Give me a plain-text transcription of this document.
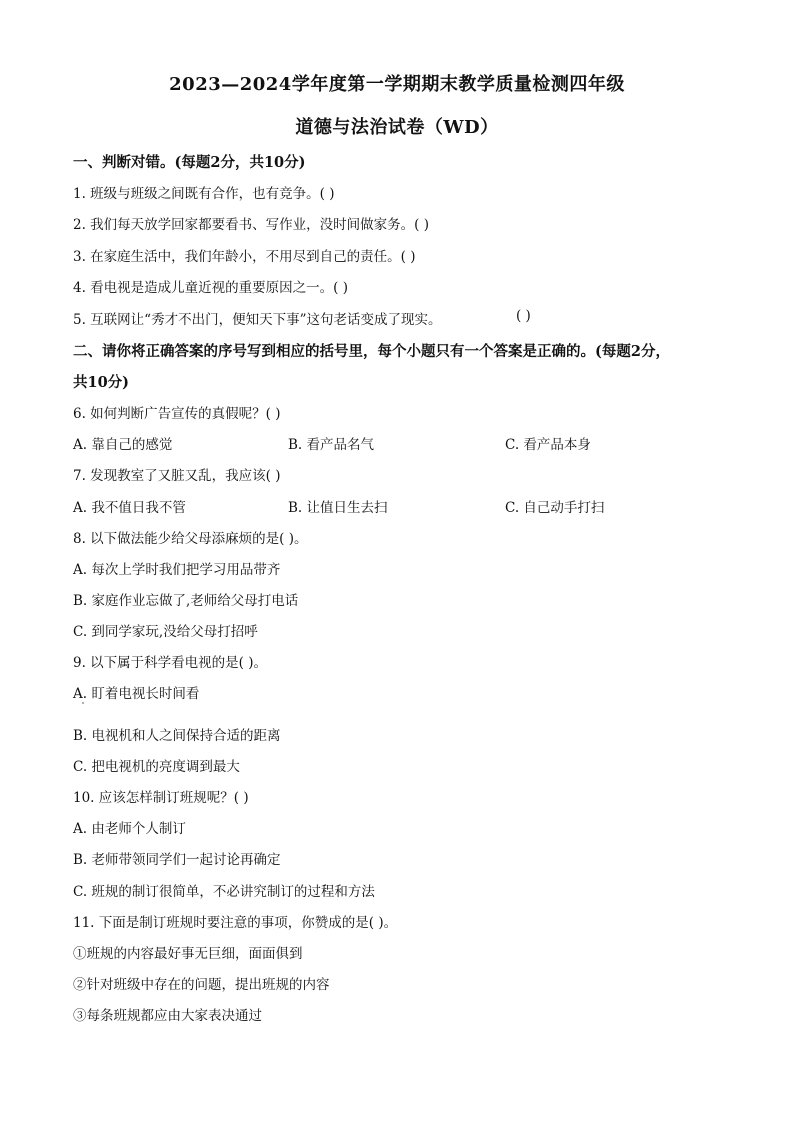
2023—2024学年度第一学期期末教学质量检测四年级
道德与法治试卷（WD）
一、判断对错。(每题2分，共10分)
1. 班级与班级之间既有合作，也有竞争。( )
2. 我们每天放学回家都要看书、写作业，没时间做家务。( )
3. 在家庭生活中，我们年龄小，不用尽到自己的责任。( )
4. 看电视是造成儿童近视的重要原因之一。( )
5. 互联网让“秀才不出门，便知天下事”这句老话变成了现实。	( )
二、请你将正确答案的序号写到相应的括号里，每个小题只有一个答案是正确的。(每题2分，
共10分)
6. 如何判断广告宣传的真假呢？( )
A. 靠自己的感觉	B. 看产品名气	C. 看产品本身
7. 发现教室了又脏又乱，我应该( )
A. 我不值日我不管	B. 让值日生去扫	C. 自己动手打扫
8. 以下做法能少给父母添麻烦的是( )。
A. 每次上学时我们把学习用品带齐
B. 家庭作业忘做了,老师给父母打电话
C. 到同学家玩,没给父母打招呼
9. 以下属于科学看电视的是( )。
A. 盯着电视长时间看
B. 电视机和人之间保持合适的距离
C. 把电视机的亮度调到最大
10. 应该怎样制订班规呢？( )
A. 由老师个人制订
B. 老师带领同学们一起讨论再确定
C. 班规的制订很简单，不必讲究制订的过程和方法
11. 下面是制订班规时要注意的事项，你赞成的是( )。
①班规的内容最好事无巨细，面面俱到
②针对班级中存在的问题，提出班规的内容
③每条班规都应由大家表决通过
